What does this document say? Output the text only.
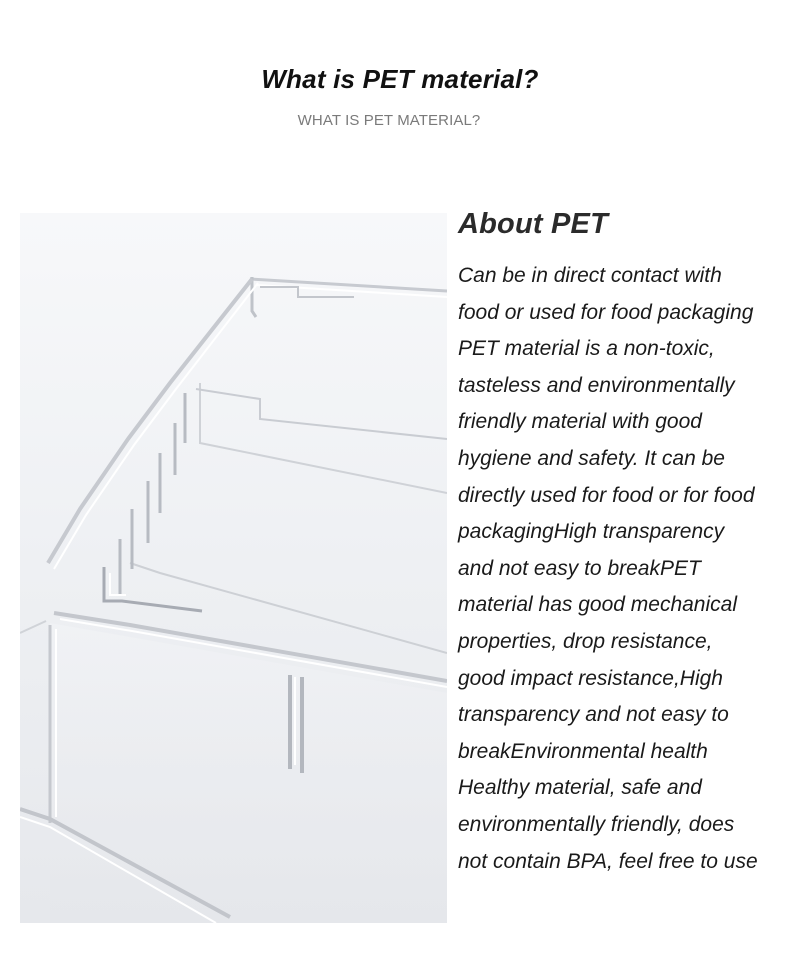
What is PET material?
WHAT IS PET MATERIAL?
About PET
Can be in direct contact with
food or used for food packaging
PET material is a non-toxic,
tasteless and environmentally
friendly material with good
hygiene and safety. It can be
directly used for food or for food
packagingHigh transparency
and not easy to breakPET
material has good mechanical
properties, drop resistance,
good impact resistance,High
transparency and not easy to
breakEnvironmental health
Healthy material, safe and
environmentally friendly, does
not contain BPA, feel free to use
